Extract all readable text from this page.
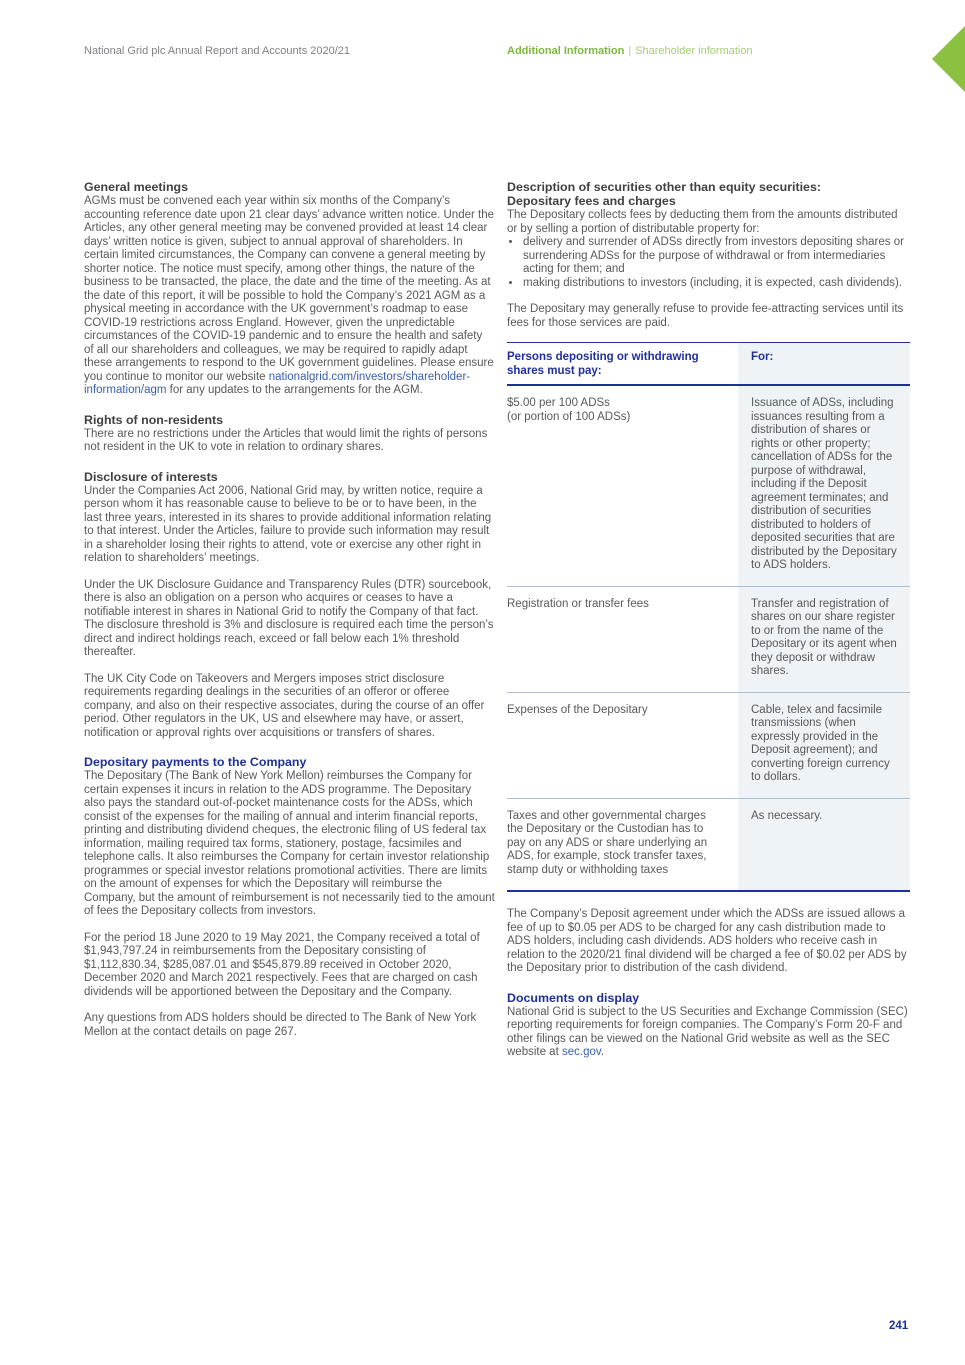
National Grid plc Annual Report and Accounts 2020/21	Additional Information | Shareholder information
General meetings

AGMs must be convened each year within six months of the Company’s accounting reference date upon 21 clear days’ advance written notice. Under the Articles, any other general meeting may be convened provided at least 14 clear days’ written notice is given, subject to annual approval of shareholders. In certain limited circumstances, the Company can convene a general meeting by shorter notice. The notice must specify, among other things, the nature of the business to be transacted, the place, the date and the time of the meeting. As at the date of this report, it will be possible to hold the Company’s 2021 AGM as a physical meeting in accordance with the UK government’s roadmap to ease COVID-19 restrictions across England. However, given the unpredictable circumstances of the COVID-19 pandemic and to ensure the health and safety of all our shareholders and colleagues, we may be required to rapidly adapt these arrangements to respond to the UK government guidelines. Please ensure you continue to monitor our website nationalgrid.com/investors/shareholder-information/agm for any updates to the arrangements for the AGM.

Rights of non-residents

There are no restrictions under the Articles that would limit the rights of persons not resident in the UK to vote in relation to ordinary shares.

Disclosure of interests

Under the Companies Act 2006, National Grid may, by written notice, require a person whom it has reasonable cause to believe to be or to have been, in the last three years, interested in its shares to provide additional information relating to that interest. Under the Articles, failure to provide such information may result in a shareholder losing their rights to attend, vote or exercise any other right in relation to shareholders’ meetings.

Under the UK Disclosure Guidance and Transparency Rules (DTR) sourcebook, there is also an obligation on a person who acquires or ceases to have a notifiable interest in shares in National Grid to notify the Company of that fact. The disclosure threshold is 3% and disclosure is required each time the person’s direct and indirect holdings reach, exceed or fall below each 1% threshold thereafter.

The UK City Code on Takeovers and Mergers imposes strict disclosure requirements regarding dealings in the securities of an offeror or offeree company, and also on their respective associates, during the course of an offer period. Other regulators in the UK, US and elsewhere may have, or assert, notification or approval rights over acquisitions or transfers of shares.

Depositary payments to the Company

The Depositary (The Bank of New York Mellon) reimburses the Company for certain expenses it incurs in relation to the ADS programme. The Depositary also pays the standard out-of-pocket maintenance costs for the ADSs, which consist of the expenses for the mailing of annual and interim financial reports, printing and distributing dividend cheques, the electronic filing of US federal tax information, mailing required tax forms, stationery, postage, facsimiles and telephone calls. It also reimburses the Company for certain investor relationship programmes or special investor relations promotional activities. There are limits on the amount of expenses for which the Depositary will reimburse the Company, but the amount of reimbursement is not necessarily tied to the amount of fees the Depositary collects from investors.

For the period 18 June 2020 to 19 May 2021, the Company received a total of $1,943,797.24 in reimbursements from the Depositary consisting of $1,112,830.34, $285,087.01 and $545,879.89 received in October 2020, December 2020 and March 2021 respectively. Fees that are charged on cash dividends will be apportioned between the Depositary and the Company.

Any questions from ADS holders should be directed to The Bank of New York Mellon at the contact details on page 267.

Description of securities other than equity securities:
Depositary fees and charges

The Depositary collects fees by deducting them from the amounts distributed or by selling a portion of distributable property for:

• delivery and surrender of ADSs directly from investors depositing shares or surrendering ADSs for the purpose of withdrawal or from intermediaries acting for them; and
• making distributions to investors (including, it is expected, cash dividends).

The Depositary may generally refuse to provide fee-attracting services until its fees for those services are paid.

Persons depositing or withdrawing shares must pay:	For:

$5.00 per 100 ADSs
(or portion of 100 ADSs)	Issuance of ADSs, including issuances resulting from a distribution of shares or rights or other property; cancellation of ADSs for the purpose of withdrawal, including if the Deposit agreement terminates; and distribution of securities distributed to holders of deposited securities that are distributed by the Depositary to ADS holders.
Registration or transfer fees	Transfer and registration of shares on our share register to or from the name of the Depositary or its agent when they deposit or withdraw shares.
Expenses of the Depositary	Cable, telex and facsimile transmissions (when expressly provided in the Deposit agreement); and converting foreign currency to dollars.
Taxes and other governmental charges the Depositary or the Custodian has to pay on any ADS or share underlying an ADS, for example, stock transfer taxes, stamp duty or withholding taxes	As necessary.

The Company’s Deposit agreement under which the ADSs are issued allows a fee of up to $0.05 per ADS to be charged for any cash distribution made to ADS holders, including cash dividends. ADS holders who receive cash in relation to the 2020/21 final dividend will be charged a fee of $0.02 per ADS by the Depositary prior to distribution of the cash dividend.

Documents on display

National Grid is subject to the US Securities and Exchange Commission (SEC) reporting requirements for foreign companies. The Company’s Form 20-F and other filings can be viewed on the National Grid website as well as the SEC website at sec.gov.

241
